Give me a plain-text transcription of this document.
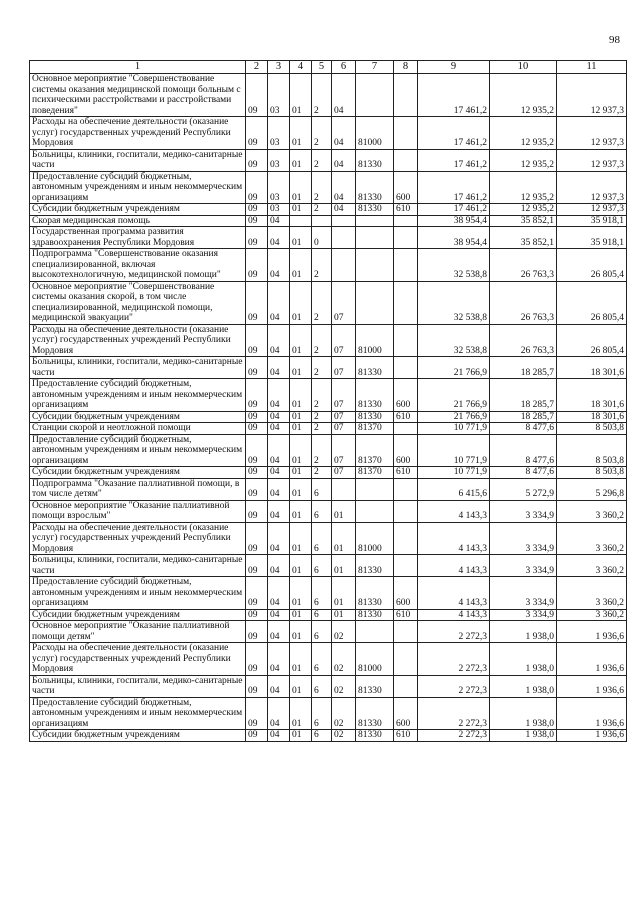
98
1	2	3	4	5	6	7	8	9	10	11
Основное мероприятие "Совершенствование системы оказания медицинской помощи больным с психическими расстройствами и расстройствами поведения"	09	03	01	2	04			17 461,2	12 935,2	12 937,3
Расходы на обеспечение деятельности (оказание услуг) государственных учреждений Республики Мордовия	09	03	01	2	04	81000		17 461,2	12 935,2	12 937,3
Больницы, клиники, госпитали, медико-санитарные части	09	03	01	2	04	81330		17 461,2	12 935,2	12 937,3
Предоставление субсидий бюджетным, автономным учреждениям и иным некоммерческим организациям	09	03	01	2	04	81330	600	17 461,2	12 935,2	12 937,3
Субсидии бюджетным учреждениям	09	03	01	2	04	81330	610	17 461,2	12 935,2	12 937,3
Скорая медицинская помощь	09	04						38 954,4	35 852,1	35 918,1
Государственная программа развития здравоохранения Республики Мордовия	09	04	01	0				38 954,4	35 852,1	35 918,1
Подпрограмма "Совершенствование оказания специализированной, включая высокотехнологичную, медицинской помощи"	09	04	01	2				32 538,8	26 763,3	26 805,4
Основное мероприятие "Совершенствование системы оказания скорой, в том числе специализированной, медицинской помощи, медицинской эвакуации"	09	04	01	2	07			32 538,8	26 763,3	26 805,4
Расходы на обеспечение деятельности (оказание услуг) государственных учреждений Республики Мордовия	09	04	01	2	07	81000		32 538,8	26 763,3	26 805,4
Больницы, клиники, госпитали, медико-санитарные части	09	04	01	2	07	81330		21 766,9	18 285,7	18 301,6
Предоставление субсидий бюджетным, автономным учреждениям и иным некоммерческим организациям	09	04	01	2	07	81330	600	21 766,9	18 285,7	18 301,6
Субсидии бюджетным учреждениям	09	04	01	2	07	81330	610	21 766,9	18 285,7	18 301,6
Станции скорой и неотложной помощи	09	04	01	2	07	81370		10 771,9	8 477,6	8 503,8
Предоставление субсидий бюджетным, автономным учреждениям и иным некоммерческим организациям	09	04	01	2	07	81370	600	10 771,9	8 477,6	8 503,8
Субсидии бюджетным учреждениям	09	04	01	2	07	81370	610	10 771,9	8 477,6	8 503,8
Подпрограмма "Оказание паллиативной помощи, в том числе детям"	09	04	01	6				6 415,6	5 272,9	5 296,8
Основное мероприятие "Оказание паллиативной помощи взрослым"	09	04	01	6	01			4 143,3	3 334,9	3 360,2
Расходы на обеспечение деятельности (оказание услуг) государственных учреждений Республики Мордовия	09	04	01	6	01	81000		4 143,3	3 334,9	3 360,2
Больницы, клиники, госпитали, медико-санитарные части	09	04	01	6	01	81330		4 143,3	3 334,9	3 360,2
Предоставление субсидий бюджетным, автономным учреждениям и иным некоммерческим организациям	09	04	01	6	01	81330	600	4 143,3	3 334,9	3 360,2
Субсидии бюджетным учреждениям	09	04	01	6	01	81330	610	4 143,3	3 334,9	3 360,2
Основное мероприятие "Оказание паллиативной помощи детям"	09	04	01	6	02			2 272,3	1 938,0	1 936,6
Расходы на обеспечение деятельности (оказание услуг) государственных учреждений Республики Мордовия	09	04	01	6	02	81000		2 272,3	1 938,0	1 936,6
Больницы, клиники, госпитали, медико-санитарные части	09	04	01	6	02	81330		2 272,3	1 938,0	1 936,6
Предоставление субсидий бюджетным, автономным учреждениям и иным некоммерческим организациям	09	04	01	6	02	81330	600	2 272,3	1 938,0	1 936,6
Субсидии бюджетным учреждениям	09	04	01	6	02	81330	610	2 272,3	1 938,0	1 936,6
